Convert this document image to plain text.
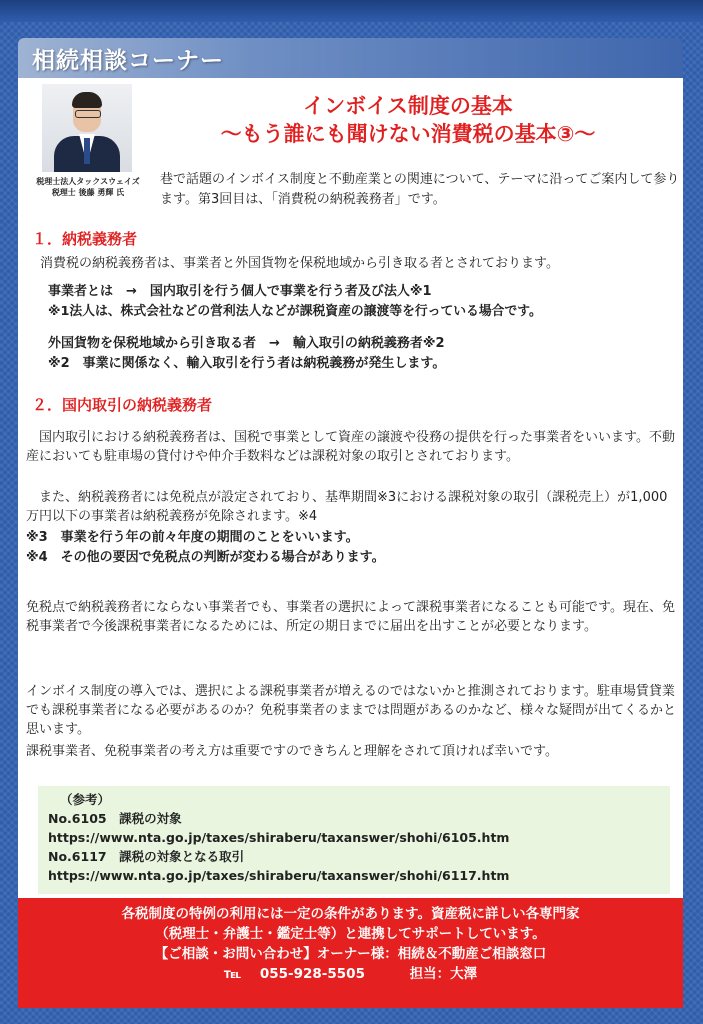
相続相談コーナー
税理士法人タックスウェイズ
税理士 後藤 勇輝 氏
インボイス制度の基本
～もう誰にも聞けない消費税の基本③～
巷で話題のインボイス制度と不動産業との関連について、テーマに沿ってご案内して参ります。第3回目は、「消費税の納税義務者」です。
１．納税義務者
消費税の納税義務者は、事業者と外国貨物を保税地域から引き取る者とされております。
事業者とは　→　国内取引を行う個人で事業を行う者及び法人※1
※1法人は、株式会社などの営利法人などが課税資産の譲渡等を行っている場合です。
外国貨物を保税地域から引き取る者　→　輸入取引の納税義務者※2
※2　事業に関係なく、輸入取引を行う者は納税義務が発生します。
２．国内取引の納税義務者
国内取引における納税義務者は、国税で事業として資産の譲渡や役務の提供を行った事業者をいいます。不動産においても駐車場の貸付けや仲介手数料などは課税対象の取引とされております。
また、納税義務者には免税点が設定されており、基準期間※3における課税対象の取引（課税売上）が1,000万円以下の事業者は納税義務が免除されます。※4
※3　事業を行う年の前々年度の期間のことをいいます。
※4　その他の要因で免税点の判断が変わる場合があります。
免税点で納税義務者にならない事業者でも、事業者の選択によって課税事業者になることも可能です。現在、免税事業者で今後課税事業者になるためには、所定の期日までに届出を出すことが必要となります。
インボイス制度の導入では、選択による課税事業者が増えるのではないかと推測されております。駐車場賃貸業でも課税事業者になる必要があるのか？免税事業者のままでは問題があるのかなど、様々な疑問が出てくるかと思います。
課税事業者、免税事業者の考え方は重要ですのできちんと理解をされて頂ければ幸いです。
（参考）
No.6105　課税の対象
https://www.nta.go.jp/taxes/shiraberu/taxanswer/shohi/6105.htm
No.6117　課税の対象となる取引
https://www.nta.go.jp/taxes/shiraberu/taxanswer/shohi/6117.htm
各税制度の特例の利用には一定の条件があります。資産税に詳しい各専門家
（税理士・弁護士・鑑定士等）と連携してサポートしています。
【ご相談・お問い合わせ】オーナー様：相続＆不動産ご相談窓口
℡ 055-928-5505	担当：大澤
